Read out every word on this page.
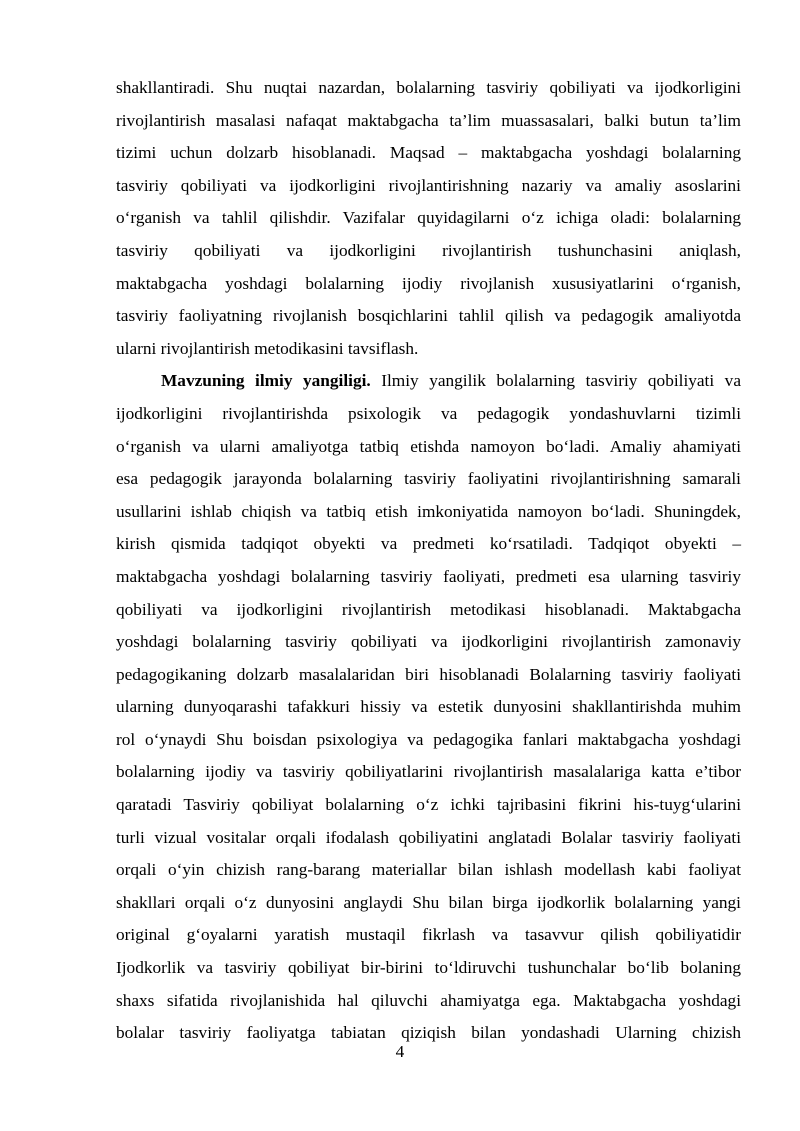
shakllantiradi. Shu nuqtai nazardan, bolalarning tasviriy qobiliyati va ijodkorligini
rivojlantirish masalasi nafaqat maktabgacha ta’lim muassasalari, balki butun ta’lim
tizimi uchun dolzarb hisoblanadi. Maqsad – maktabgacha yoshdagi bolalarning
tasviriy qobiliyati va ijodkorligini rivojlantirishning nazariy va amaliy asoslarini
o‘rganish va tahlil qilishdir. Vazifalar quyidagilarni o‘z ichiga oladi: bolalarning
tasviriy qobiliyati va ijodkorligini rivojlantirish tushunchasini aniqlash,
maktabgacha yoshdagi bolalarning ijodiy rivojlanish xususiyatlarini o‘rganish,
tasviriy faoliyatning rivojlanish bosqichlarini tahlil qilish va pedagogik amaliyotda
ularni rivojlantirish metodikasini tavsiflash.
Mavzuning ilmiy yangiligi. Ilmiy yangilik bolalarning tasviriy qobiliyati va
ijodkorligini rivojlantirishda psixologik va pedagogik yondashuvlarni tizimli
o‘rganish va ularni amaliyotga tatbiq etishda namoyon bo‘ladi. Amaliy ahamiyati
esa pedagogik jarayonda bolalarning tasviriy faoliyatini rivojlantirishning samarali
usullarini ishlab chiqish va tatbiq etish imkoniyatida namoyon bo‘ladi. Shuningdek,
kirish qismida tadqiqot obyekti va predmeti ko‘rsatiladi. Tadqiqot obyekti –
maktabgacha yoshdagi bolalarning tasviriy faoliyati, predmeti esa ularning tasviriy
qobiliyati va ijodkorligini rivojlantirish metodikasi hisoblanadi. Maktabgacha
yoshdagi bolalarning tasviriy qobiliyati va ijodkorligini rivojlantirish zamonaviy
pedagogikaning dolzarb masalalaridan biri hisoblanadi Bolalarning tasviriy faoliyati
ularning dunyoqarashi tafakkuri hissiy va estetik dunyosini shakllantirishda muhim
rol o‘ynaydi Shu boisdan psixologiya va pedagogika fanlari maktabgacha yoshdagi
bolalarning ijodiy va tasviriy qobiliyatlarini rivojlantirish masalalariga katta e’tibor
qaratadi Tasviriy qobiliyat bolalarning o‘z ichki tajribasini fikrini his-tuyg‘ularini
turli vizual vositalar orqali ifodalash qobiliyatini anglatadi Bolalar tasviriy faoliyati
orqali o‘yin chizish rang-barang materiallar bilan ishlash modellash kabi faoliyat
shakllari orqali o‘z dunyosini anglaydi Shu bilan birga ijodkorlik bolalarning yangi
original g‘oyalarni yaratish mustaqil fikrlash va tasavvur qilish qobiliyatidir
Ijodkorlik va tasviriy qobiliyat bir-birini to‘ldiruvchi tushunchalar bo‘lib bolaning
shaxs sifatida rivojlanishida hal qiluvchi ahamiyatga ega. Maktabgacha yoshdagi
bolalar tasviriy faoliyatga tabiatan qiziqish bilan yondashadi Ularning chizish
4
